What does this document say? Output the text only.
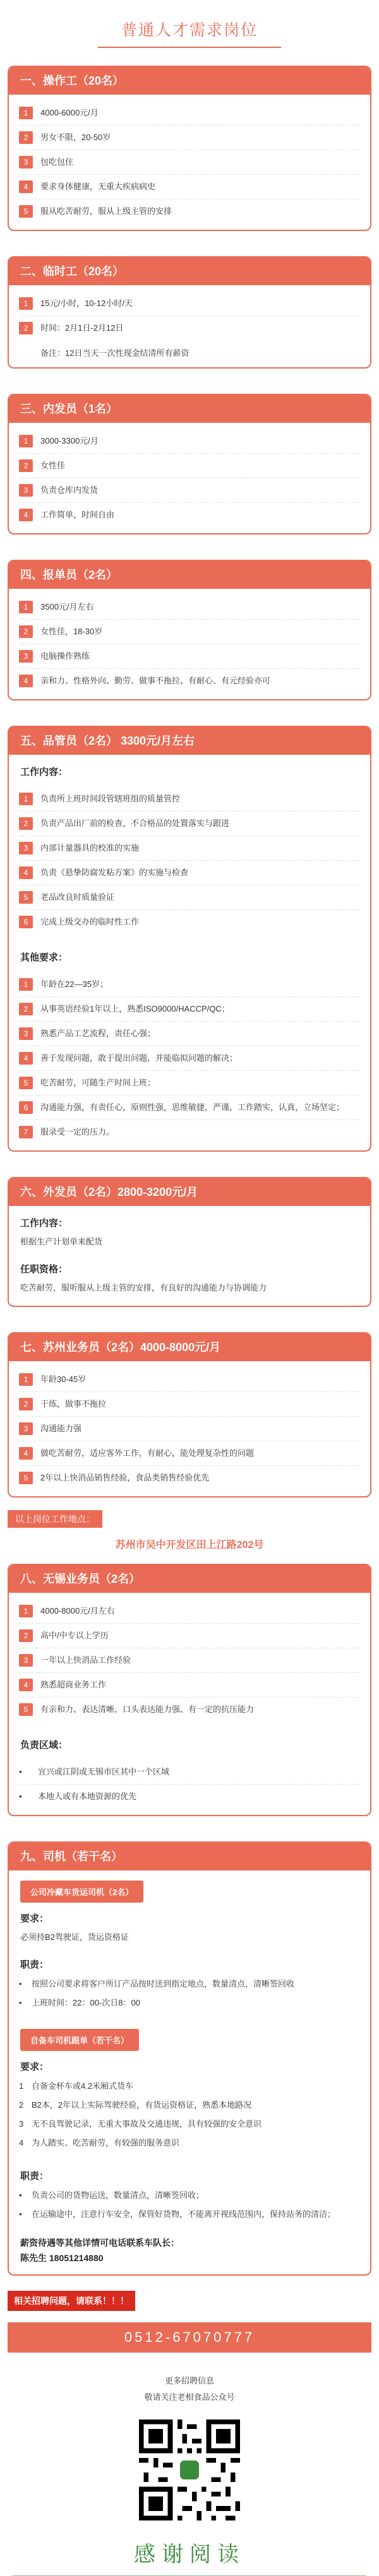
普通人才需求岗位
一、操作工（20名）
1	4000-6000元/月
2	男女不限，20-50岁
3	包吃包住
4	要求身体健康，无重大疾病病史
5	服从吃苦耐劳，服从上级主管的安排
二、临时工（20名）
1	15元/小时，10-12小时/天
2	时间：2月1日-2月12日
备注：12日当天一次性现金结清所有薪资
三、内发员（1名）
1	3000-3300元/月
2	女性佳
3	负责仓库内发货
4	工作简单，时间自由
四、报单员（2名）
1	3500元/月左右
2	女性佳，18-30岁
3	电脑操作熟练
4	亲和力、性格外向、勤劳、做事不拖拉、有耐心、有元经验亦可
五、品管员（2名） 3300元/月左右
工作内容：
1	负责所上班时间段管辖班组的质量管控
2	负责产品出厂前的检查，不合格品的处置落实与跟进
3	内部计量器具的校准的实施
4	负责《悬挚防腐发粘方案》的实施与检查
5	老品改良时质量验证
6	完成上级交办的临时性工作
其他要求：
1	年龄在22—35岁；
2	从事英语经验1年以上，熟悉ISO9000/HACCP/QC；
3	熟悉产品工艺流程，责任心强；
4	善于发现问题，敢于提出问题，并能临拟问题的解决；
5	吃苦耐劳，可随生产时间上班；
6	沟通能力强，有责任心，原则性强，思维敏捷，严谨，工作踏实，认真，立场坚定；
7	服录受一定的压力。
六、外发员（2名）2800-3200元/月
工作内容：
根据生产计划单来配货
任职资格：
吃苦耐劳，服听服从上级主管的安排，有良好的沟通能力与协调能力
七、苏州业务员（2名）4000-8000元/月
1	年龄30-45岁
2	干练，做事不拖拉
3	沟通能力强
4	做吃苦耐劳，适应客外工作，有耐心，能处理复杂性的问题
5	2年以上快消品销售经验，食品类销售经验优先
以上岗位工作地点：
苏州市吴中开发区田上江路202号
八、无锡业务员（2名）
1	4000-8000元/月左右
2	高中/中专以上学历
3	一年以上快消品工作经验
4	熟悉超商业务工作
5	有亲和力、表达清晰、口头表达能力强、有一定的抗压能力
负责区域：
•	宜兴或江阴或无锡市区其中一个区域
•	本地人或有本地资源的优先
九、司机（若干名）
公司冷藏车货运司机（2名）
要求：
必须持B2驾驶证，货运资格证
职责：
•	按照公司要求将客户所订产品按时送到指定地点，数量清点，清晰签回收
•	上班时间：22：00-次日8：00
自备车司机跟单（若干名）
要求：
1 自备金杯车或4.2米厢式货车
2 B2本，2年以上实际驾驶经验，有货运资格证，熟悉本地路况
3 无不良驾驶记录，无重大事故及交通违规，具有较强的安全意识
4 为人踏实、吃苦耐劳，有较强的服务意识
职责：
•	负责公司的货物运送，数量清点，清晰签回收；
•	在运输途中，注意行车安全，保管好货物，不能离开视线范围内，保持站务的清洁；
薪资待遇等其他详情可电话联系车队长：
陈先生 18051214880
相关招聘问题，请联系！！！
0512-67070777
更多招聘信息
敬请关注老相食品公众号
感谢阅读
